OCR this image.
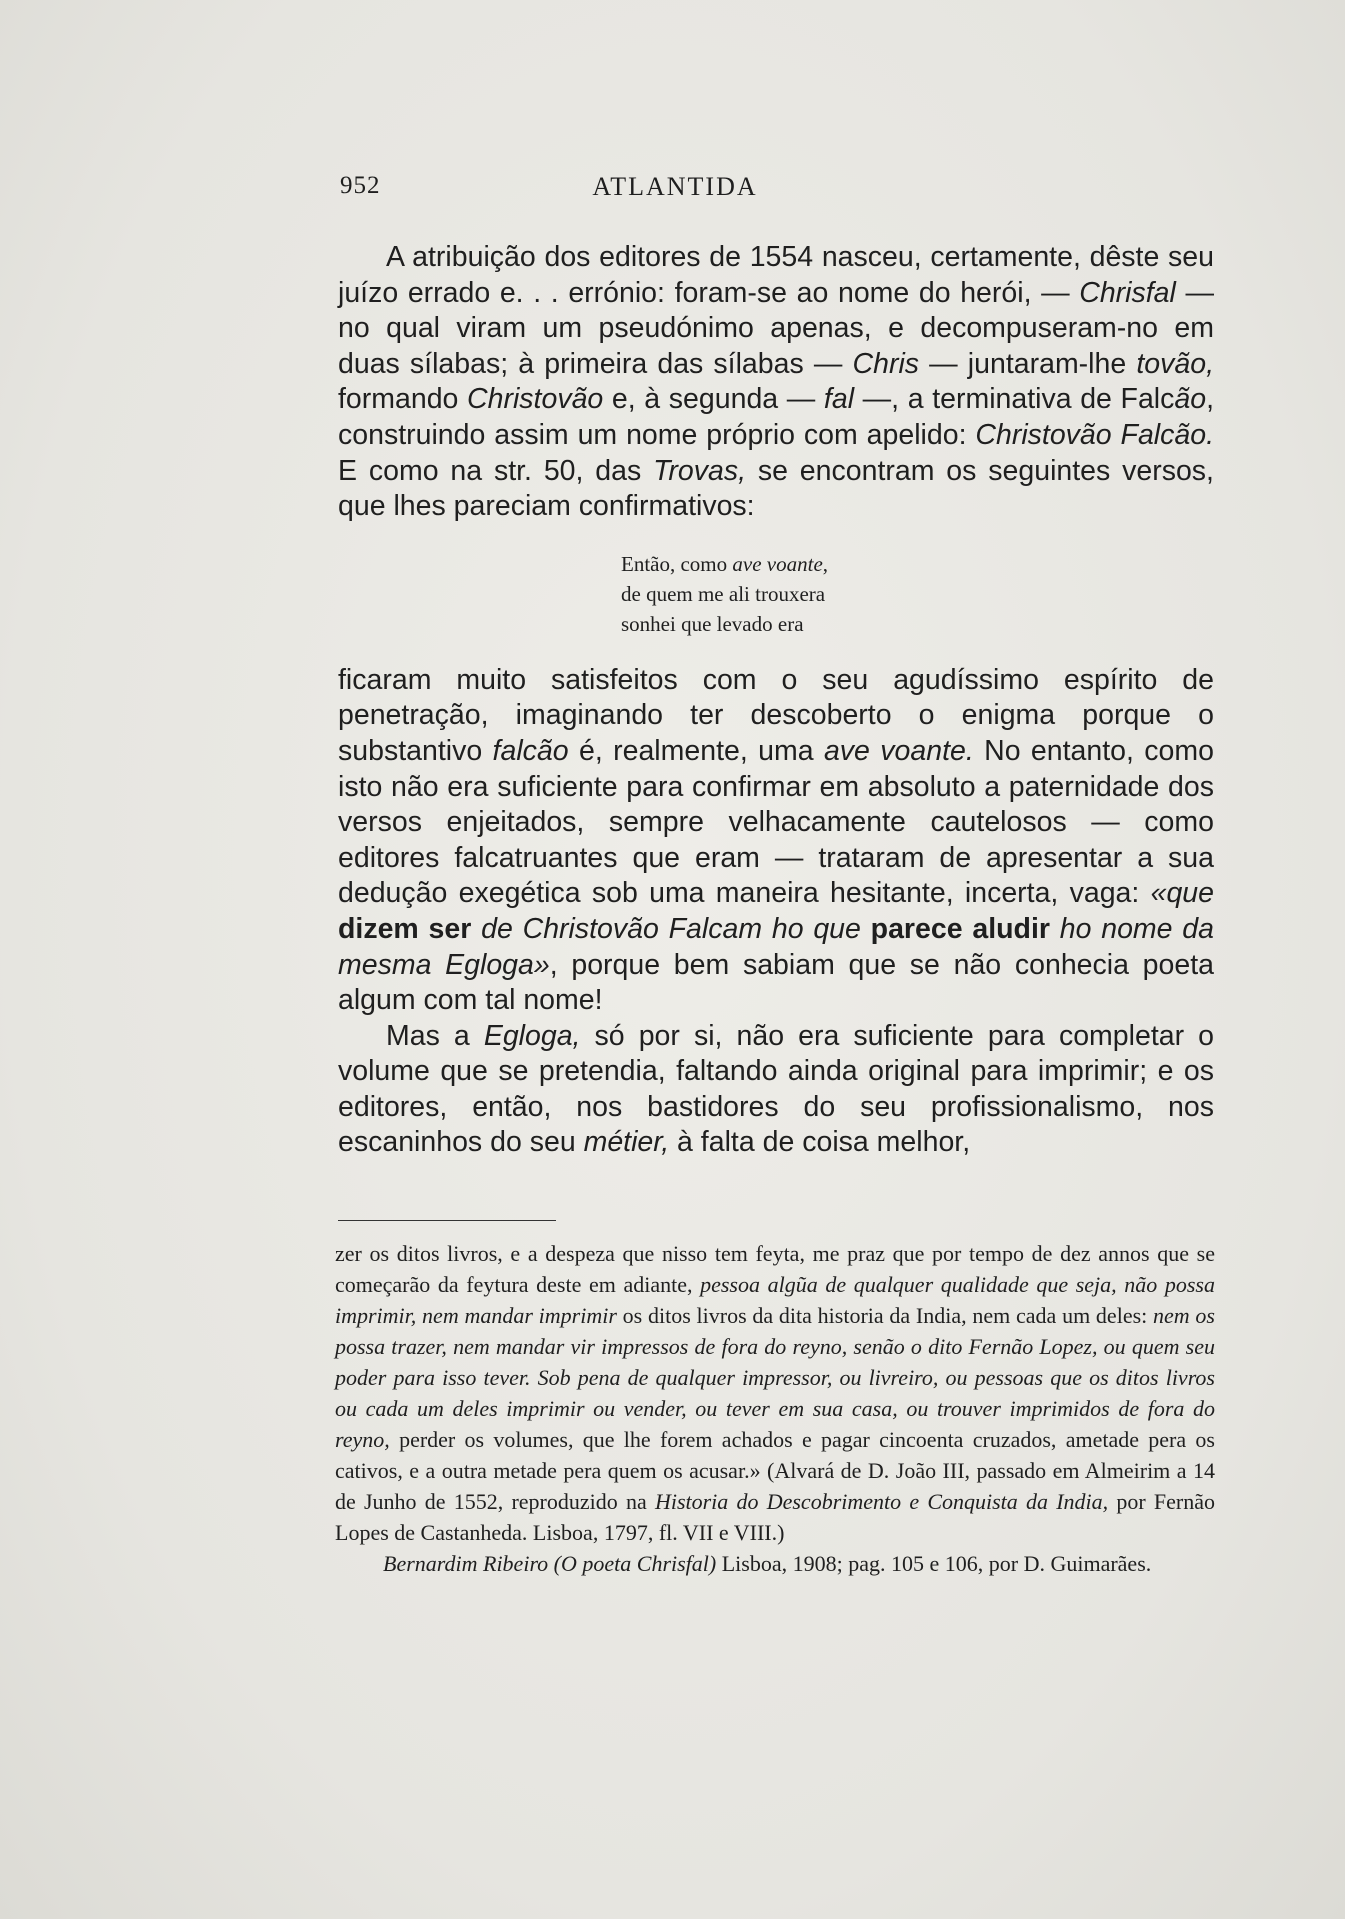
952	ATLANTIDA

A atribuição dos editores de 1554 nasceu, certamente, dêste seu juízo errado e. . . errónio: foram-se ao nome do herói, — Chrisfal — no qual viram um pseudónimo apenas, e decompuseram-no em duas sílabas; à primeira das sílabas — Chris — juntaram-lhe tovão, formando Christovão e, à segunda — fal —, a terminativa de Falcão, construindo assim um nome próprio com apelido: Christovão Falcão. E como na str. 50, das Trovas, se encontram os seguintes versos, que lhes pareciam confirmativos:

Então, como ave voante,
de quem me ali trouxera
sonhei que levado era

ficaram muito satisfeitos com o seu agudíssimo espírito de penetração, imaginando ter descoberto o enigma porque o substantivo falcão é, realmente, uma ave voante. No entanto, como isto não era suficiente para confirmar em absoluto a paternidade dos versos enjeitados, sempre velhacamente cautelosos — como editores falcatruantes que eram — trataram de apresentar a sua dedução exegética sob uma maneira hesitante, incerta, vaga: «que dizem ser de Christovão Falcam ho que parece aludir ho nome da mesma Egloga», porque bem sabiam que se não conhecia poeta algum com tal nome!

Mas a Egloga, só por si, não era suficiente para completar o volume que se pretendia, faltando ainda original para imprimir; e os editores, então, nos bastidores do seu profissionalismo, nos escaninhos do seu métier, à falta de coisa melhor,

zer os ditos livros, e a despeza que nisso tem feyta, me praz que por tempo de dez annos que se começarão da feytura deste em adiante, pessoa algũa de qualquer qualidade que seja, não possa imprimir, nem mandar imprimir os ditos livros da dita historia da India, nem cada um deles: nem os possa trazer, nem mandar vir impressos de fora do reyno, senão o dito Fernão Lopez, ou quem seu poder para isso tever. Sob pena de qualquer impressor, ou livreiro, ou pessoas que os ditos livros ou cada um deles imprimir ou vender, ou tever em sua casa, ou trouver imprimidos de fora do reyno, perder os volumes, que lhe forem achados e pagar cincoenta cruzados, ametade pera os cativos, e a outra metade pera quem os acusar.» (Alvará de D. João III, passado em Almeirim a 14 de Junho de 1552, reproduzido na Historia do Descobrimento e Conquista da India, por Fernão Lopes de Castanheda. Lisboa, 1797, fl. VII e VIII.)

Bernardim Ribeiro (O poeta Chrisfal) Lisboa, 1908; pag. 105 e 106, por D. Guimarães.
